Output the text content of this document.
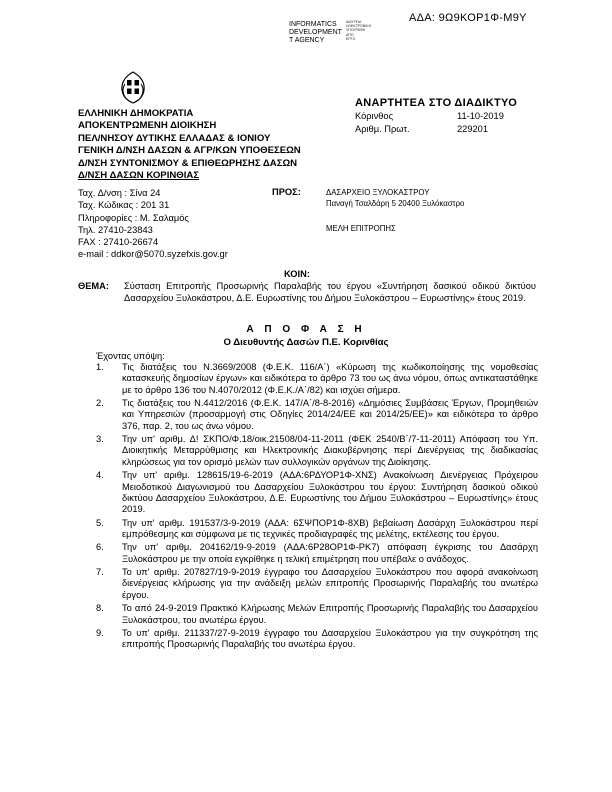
ΑΔΑ: 9Ω9ΚΟΡ1Φ-Μ9Υ
INFORMATICS
DEVELOPMENT
T AGENCY
ΔΙΑΥΓΕΙΑ
ΗΛΕΚΤΡΟΝΙΚΗ
ΥΠΟΓΡΑΦΗ
ΑΠΟ
ΕΡΓΟ
ΕΛΛΗΝΙΚΗ ΔΗΜΟΚΡΑΤΙΑ
ΑΠΟΚΕΝΤΡΩΜΕΝΗ ΔΙΟΙΚΗΣΗ
ΠΕΛ/ΝΗΣΟΥ ΔΥΤΙΚΗΣ ΕΛΛΑΔΑΣ & ΙΟΝΙΟΥ
ΓΕΝΙΚΗ Δ/ΝΣΗ ΔΑΣΩΝ & ΑΓΡ/ΚΩΝ ΥΠΟΘΕΣΕΩΝ
Δ/ΝΣΗ ΣΥΝΤΟΝΙΣΜΟΥ & ΕΠΙΘΕΩΡΗΣΗΣ ΔΑΣΩΝ
Δ/ΝΣΗ ΔΑΣΩΝ ΚΟΡΙΝΘΙΑΣ
ΑΝΑΡΤΗΤΕΑ ΣΤΟ ΔΙΑΔΙΚΤΥΟ
Κόρινθος	11-10-2019
Αριθμ. Πρωτ.	229201
Ταχ. Δ/νση : Σίνα 24
Ταχ. Κώδικας : 201 31
Πληροφορίες : Μ. Σαλαμός
Τηλ. 27410-23843
FAX : 27410-26674
e-mail : ddkor@5070.syzefxis.gov.gr
ΠΡΟΣ:	ΔΑΣΑΡΧΕΙΟ ΞΥΛΟΚΑΣΤΡΟΥ
Παναγή Τσαλδάρη 5 20400 Ξυλόκαστρο
ΜΕΛΗ ΕΠΙΤΡΟΠΗΣ
ΚΟΙΝ:
ΘΕΜΑ: Σύσταση Επιτροπής Προσωρινής Παραλαβής του έργου «Συντήρηση δασικού οδικού δικτύου Δασαρχείου Ξυλοκάστρου, Δ.Ε. Ευρωστίνης του Δήμου Ξυλοκάστρου – Ευρωστίνης» έτους 2019.
Α Π Ο Φ Α Σ Η
Ο Διευθυντής Δασών Π.Ε. Κορινθίας
Έχοντας υπόψη:
1.	Τις διατάξεις του Ν.3669/2008 (Φ.Ε.Κ. 116/Α΄) «Κύρωση της κωδικοποίησης της νομοθεσίας κατασκευής δημοσίων έργων» και ειδικότερα το άρθρο 73 του ως άνω νόμου, όπως αντικαταστάθηκε με το άρθρο 136 του Ν.4070/2012 (Φ.Ε.Κ./Α΄/82) και ισχύει σήμερα.
2.	Τις διατάξεις του Ν.4412/2016 (Φ.Ε.Κ. 147/Α΄/8-8-2016) «Δημόσιες Συμβάσεις Έργων, Προμηθειών και Υπηρεσιών (προσαρμογή στις Οδηγίες 2014/24/ΕΕ και 2014/25/ΕΕ)» και ειδικότερα το άρθρο 376, παρ. 2, του ως άνω νόμου.
3.	Την υπ' αριθμ. Δ! ΣΚΠΟ/Φ.18/οικ.21508/04-11-2011 (ΦΕΚ 2540/Β΄/7-11-2011) Απόφαση του Υπ. Διοικητικής Μεταρρύθμισης και Ηλεκτρονικής Διακυβέρνησης περί Διενέργειας της διαδικασίας κληρώσεως για τον ορισμό μελών των συλλογικών οργάνων της Διοίκησης.
4.	Την υπ' αριθμ. 128615/19-6-2019 (ΑΔΑ:6ΡΔΥΟΡ1Φ-ΧΝΣ) Ανακοίνωση Διενέργειας Πρόχειρου Μειοδοτικού Διαγωνισμού του Δασαρχείου Ξυλοκάστρου του έργου: Συντήρηση δασικού οδικού δικτύου Δασαρχείου Ξυλοκάστρου, Δ.Ε. Ευρωστίνης του Δήμου Ξυλοκάστρου – Ευρωστίνης» έτους 2019.
5.	Την υπ' αριθμ. 191537/3-9-2019 (ΑΔΑ: 6ΣΨΠΟΡ1Φ-8ΧΒ) βεβαίωση Δασάρχη Ξυλοκάστρου περί εμπρόθεσμης και σύμφωνα με τις τεχνικές προδιαγραφές της μελέτης, εκτέλεσης του έργου.
6.	Την υπ' αριθμ. 204162/19-9-2019 (ΑΔΑ:6Ρ28ΟΡ1Φ-ΡΚ7) απόφαση έγκρισης του Δασάρχη Ξυλοκάστρου με την οποία εγκρίθηκε η τελική επιμέτρηση που υπέβαλε ο ανάδοχος.
7.	Το υπ' αριθμ. 207827/19-9-2019 έγγραφο του Δασαρχείου Ξυλοκάστρου που αφορά ανακοίνωση διενέργειας κλήρωσης για την ανάδειξη μελών επιτροπής Προσωρινής Παραλαβής του ανωτέρω έργου.
8.	Το από 24-9-2019 Πρακτικό Κλήρωσης Μελών Επιτροπής Προσωρινής Παραλαβής του Δασαρχείου Ξυλοκάστρου, του ανωτέρω έργου.
9.	Το υπ' αριθμ. 211337/27-9-2019 έγγραφο του Δασαρχείου Ξυλοκάστρου για την συγκρότηση της επιτροπής Προσωρινής Παραλαβής του ανωτέρω έργου.
